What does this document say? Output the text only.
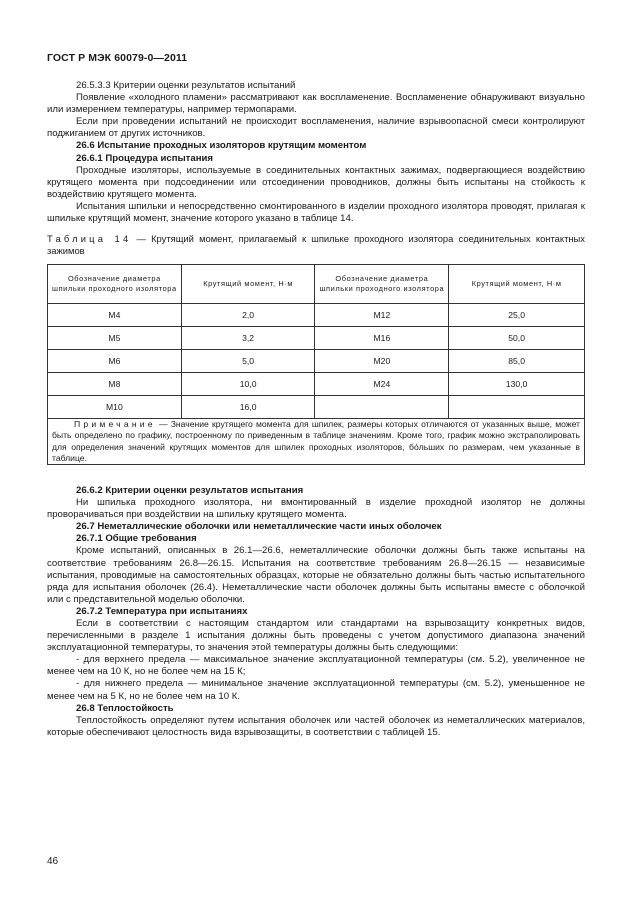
ГОСТ Р МЭК 60079-0—2011

26.5.3.3 Критерии оценки результатов испытаний

Появление «холодного пламени» рассматривают как воспламенение. Воспламенение обнаруживают визуально или измерением температуры, например термопарами.

Если при проведении испытаний не происходит воспламенения, наличие взрывоопасной смеси контролируют поджиганием от других источников.

26.6 Испытание проходных изоляторов крутящим моментом

26.6.1 Процедура испытания

Проходные изоляторы, используемые в соединительных контактных зажимах, подвергающиеся воздействию крутящего момента при подсоединении или отсоединении проводников, должны быть испытаны на стойкость к воздействию крутящего момента.

Испытания шпильки и непосредственно смонтированного в изделии проходного изолятора проводят, прилагая к шпильке крутящий момент, значение которого указано в таблице 14.

Таблица 14 — Крутящий момент, прилагаемый к шпильке проходного изолятора соединительных контактных зажимов

Обозначение диаметра шпильки проходного изолятора	Крутящий момент, Н·м	Обозначение диаметра шпильки проходного изолятора	Крутящий момент, Н·м
M4	2,0	M12	25,0
M5	3,2	M16	50,0
M6	5,0	M20	85,0
M8	10,0	M24	130,0
M10	16,0		
Примечание — Значение крутящего момента для шпилек, размеры которых отличаются от указанных выше, может быть определено по графику, построенному по приведенным в таблице значениям. Кроме того, график можно экстраполировать для определения значений крутящих моментов для шпилек проходных изоляторов, бо́льших по размерам, чем указанные в таблице.			

26.6.2 Критерии оценки результатов испытания

Ни шпилька проходного изолятора, ни вмонтированный в изделие проходной изолятор не должны проворачиваться при воздействии на шпильку крутящего момента.

26.7 Неметаллические оболочки или неметаллические части иных оболочек

26.7.1 Общие требования

Кроме испытаний, описанных в 26.1—26.6, неметаллические оболочки должны быть также испытаны на соответствие требованиям 26.8—26.15. Испытания на соответствие требованиям 26.8—26.15 — независимые испытания, проводимые на самостоятельных образцах, которые не обязательно должны быть частью испытательного ряда для испытания оболочек (26.4). Неметаллические части оболочек должны быть испытаны вместе с оболочкой или с представительной моделью оболочки.

26.7.2 Температура при испытаниях

Если в соответствии с настоящим стандартом или стандартами на взрывозащиту конкретных видов, перечисленными в разделе 1 испытания должны быть проведены с учетом допустимого диапазона значений эксплуатационной температуры, то значения этой температуры должны быть следующими:

- для верхнего предела — максимальное значение эксплуатационной температуры (см. 5.2), увеличенное не менее чем на 10 К, но не более чем на 15 К;

- для нижнего предела — минимальное значение эксплуатационной температуры (см. 5.2), уменьшенное не менее чем на 5 К, но не более чем на 10 К.

26.8 Теплостойкость

Теплостойкость определяют путем испытания оболочек или частей оболочек из неметаллических материалов, которые обеспечивают целостность вида взрывозащиты, в соответствии с таблицей 15.

46
